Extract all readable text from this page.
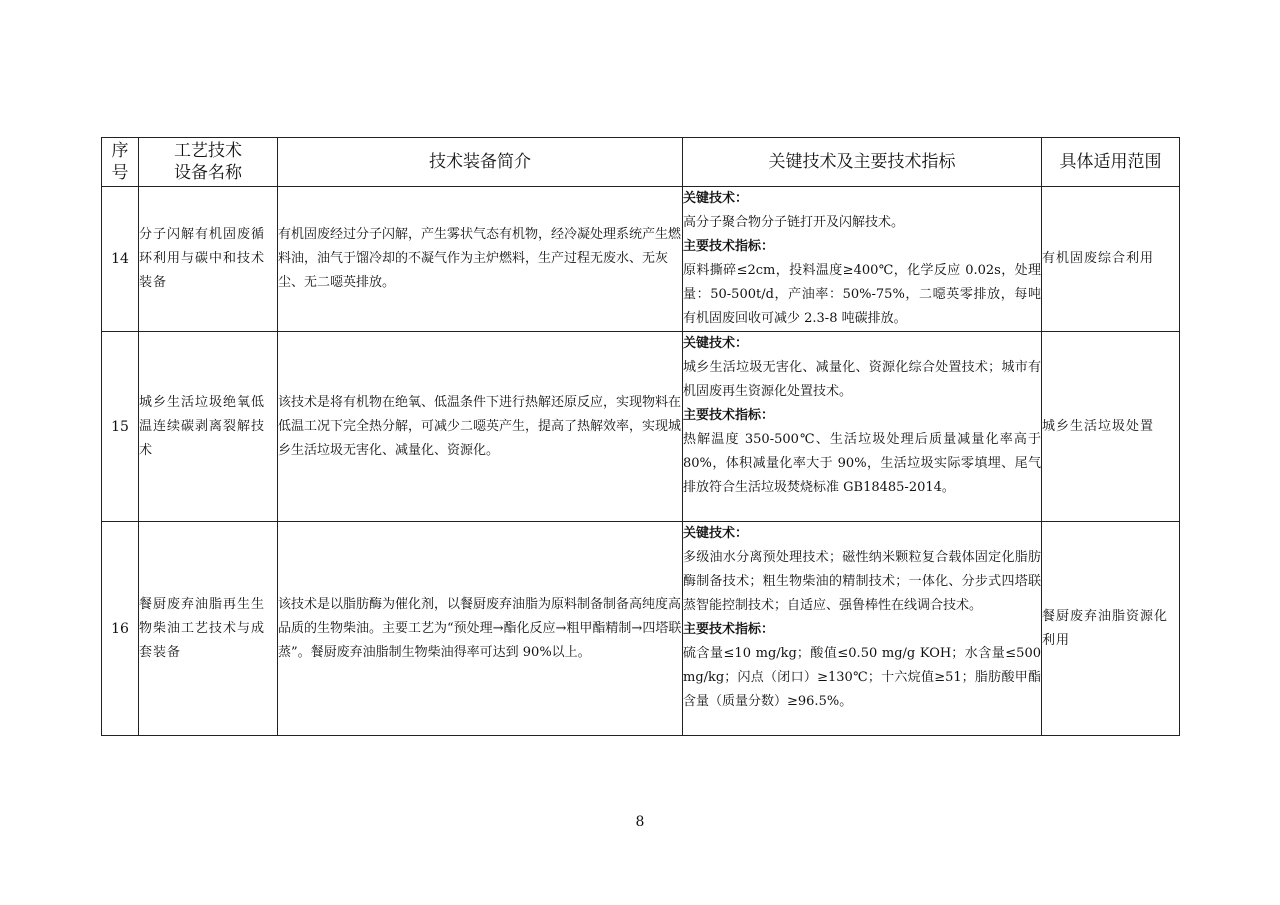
序
号	工艺技术
设备名称	技术装备简介	关键技术及主要技术指标	具体适用范围
14	分子闪解有机固废循环利用与碳中和技术装备	有机固废经过分子闪解，产生雾状气态有机物，经冷凝处理系统产生燃料油，油气于馏冷却的不凝气作为主炉燃料，生产过程无废水、无灰尘、无二噁英排放。	关键技术：
高分子聚合物分子链打开及闪解技术。
主要技术指标：
原料撕碎≤2cm，投料温度≥400℃，化学反应 0.02s，处理量：50-500t/d，产油率：50%-75%，二噁英零排放，每吨有机固废回收可减少 2.3-8 吨碳排放。	有机固废综合利用
15	城乡生活垃圾绝氧低温连续碳剥离裂解技术	该技术是将有机物在绝氧、低温条件下进行热解还原反应，实现物料在低温工况下完全热分解，可减少二噁英产生，提高了热解效率，实现城乡生活垃圾无害化、减量化、资源化。	关键技术：
城乡生活垃圾无害化、减量化、资源化综合处置技术；城市有机固废再生资源化处置技术。
主要技术指标：
热解温度 350-500℃、生活垃圾处理后质量减量化率高于 80%，体积减量化率大于 90%，生活垃圾实际零填埋、尾气排放符合生活垃圾焚烧标准 GB18485-2014。	城乡生活垃圾处置
16	餐厨废弃油脂再生生物柴油工艺技术与成套装备	该技术是以脂肪酶为催化剂，以餐厨废弃油脂为原料制备制备高纯度高品质的生物柴油。主要工艺为“预处理→酯化反应→粗甲酯精制→四塔联蒸”。餐厨废弃油脂制生物柴油得率可达到 90%以上。	关键技术：
多级油水分离预处理技术；磁性纳米颗粒复合载体固定化脂肪酶制备技术；粗生物柴油的精制技术；一体化、分步式四塔联蒸智能控制技术；自适应、强鲁棒性在线调合技术。
主要技术指标：
硫含量≤10 mg/kg；酸值≤0.50 mg/g KOH；水含量≤500 mg/kg；闪点（闭口）≥130℃；十六烷值≥51；脂肪酸甲酯含量（质量分数）≥96.5%。	餐厨废弃油脂资源化利用
8
